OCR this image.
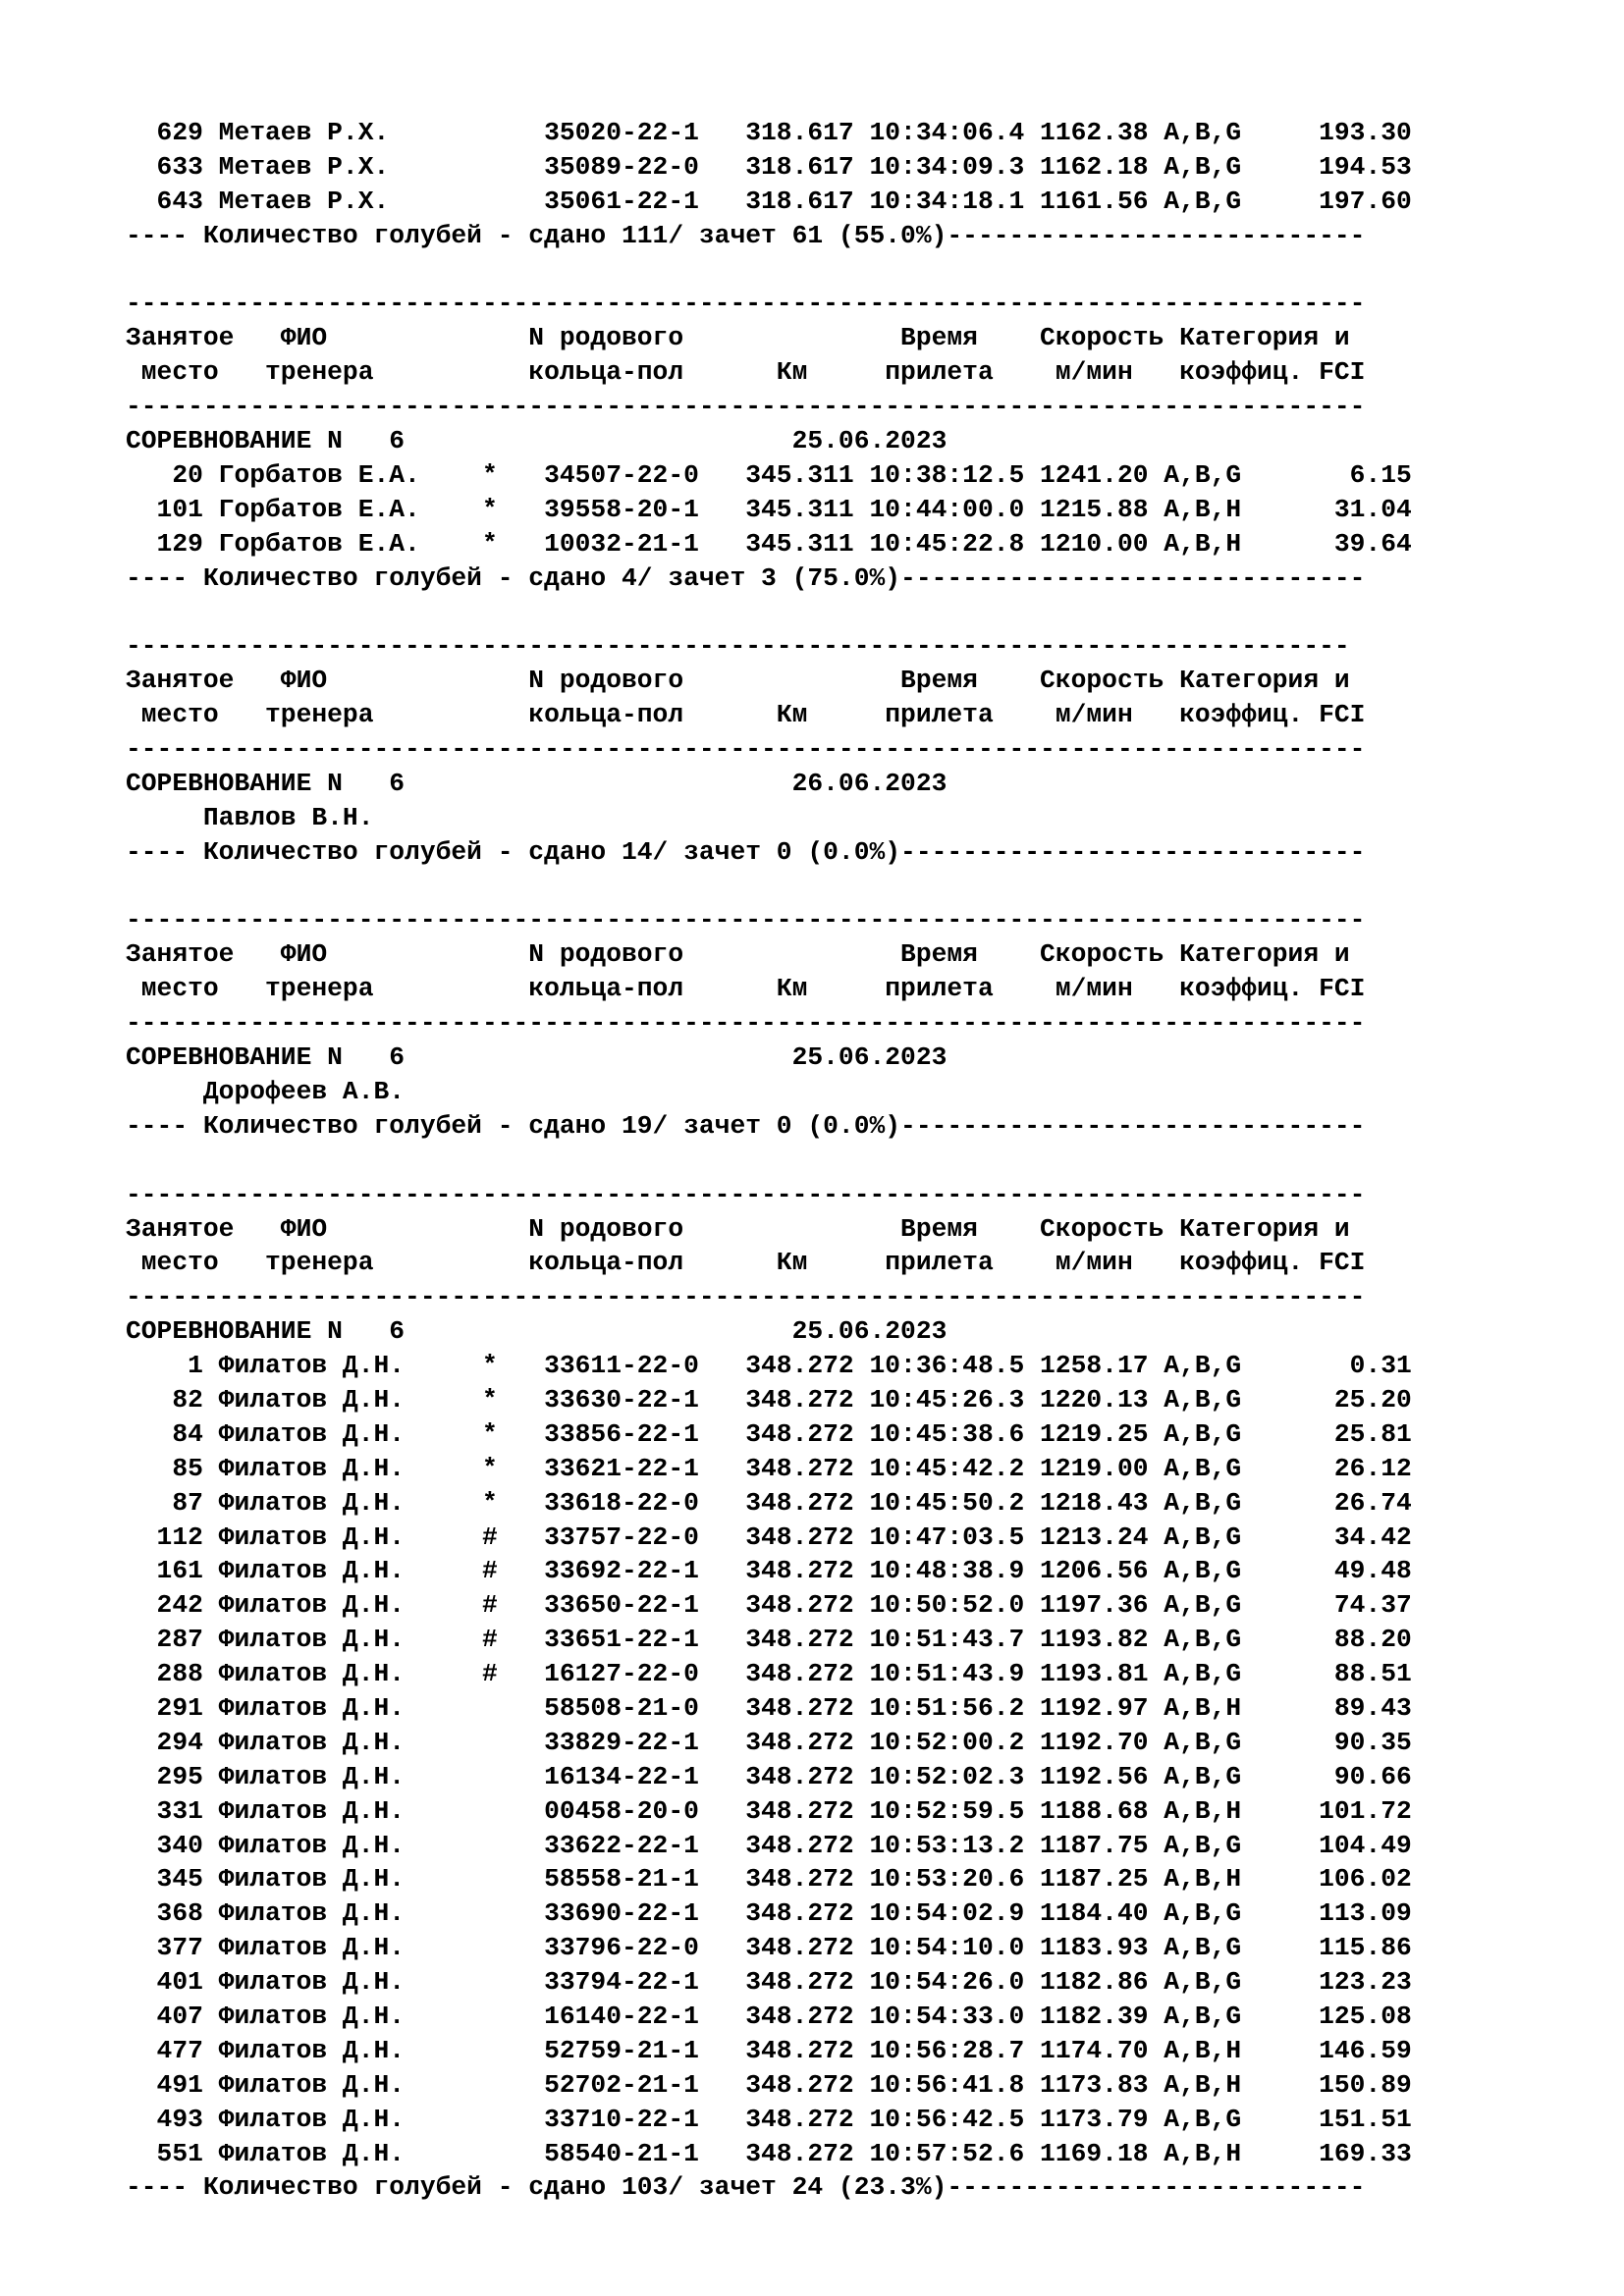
629 Метаев Р.Х.          35020-22-1   318.617 10:34:06.4 1162.38 A,B,G     193.30
633 Метаев Р.Х.          35089-22-0   318.617 10:34:09.3 1162.18 A,B,G     194.53
643 Метаев Р.Х.          35061-22-1   318.617 10:34:18.1 1161.56 A,B,G     197.60
---- Количество голубей - сдано 111/ зачет 61 (55.0%)---------------------------
--------------------------------------------------------------------------------
Занятое   ФИО             N родового              Время    Скорость Категория и
место   тренера          кольца-пол      Км     прилета    м/мин   коэффиц. FCI
--------------------------------------------------------------------------------
СОРЕВНОВАНИЕ N   6                         25.06.2023
20 Горбатов Е.А.    *   34507-22-0   345.311 10:38:12.5 1241.20 A,B,G       6.15
101 Горбатов Е.А.    *   39558-20-1   345.311 10:44:00.0 1215.88 A,B,H      31.04
129 Горбатов Е.А.    *   10032-21-1   345.311 10:45:22.8 1210.00 A,B,H      39.64
---- Количество голубей - сдано 4/ зачет 3 (75.0%)------------------------------
-------------------------------------------------------------------------------
Занятое   ФИО             N родового              Время    Скорость Категория и
место   тренера          кольца-пол      Км     прилета    м/мин   коэффиц. FCI
--------------------------------------------------------------------------------
СОРЕВНОВАНИЕ N   6                         26.06.2023
Павлов В.Н.
---- Количество голубей - сдано 14/ зачет 0 (0.0%)------------------------------
--------------------------------------------------------------------------------
Занятое   ФИО             N родового              Время    Скорость Категория и
место   тренера          кольца-пол      Км     прилета    м/мин   коэффиц. FCI
--------------------------------------------------------------------------------
СОРЕВНОВАНИЕ N   6                         25.06.2023
Дорофеев А.В.
---- Количество голубей - сдано 19/ зачет 0 (0.0%)------------------------------
--------------------------------------------------------------------------------
Занятое   ФИО             N родового              Время    Скорость Категория и
место   тренера          кольца-пол      Км     прилета    м/мин   коэффиц. FCI
--------------------------------------------------------------------------------
СОРЕВНОВАНИЕ N   6                         25.06.2023
1 Филатов Д.Н.     *   33611-22-0   348.272 10:36:48.5 1258.17 A,B,G       0.31
82 Филатов Д.Н.     *   33630-22-1   348.272 10:45:26.3 1220.13 A,B,G      25.20
84 Филатов Д.Н.     *   33856-22-1   348.272 10:45:38.6 1219.25 A,B,G      25.81
85 Филатов Д.Н.     *   33621-22-1   348.272 10:45:42.2 1219.00 A,B,G      26.12
87 Филатов Д.Н.     *   33618-22-0   348.272 10:45:50.2 1218.43 A,B,G      26.74
112 Филатов Д.Н.     #   33757-22-0   348.272 10:47:03.5 1213.24 A,B,G      34.42
161 Филатов Д.Н.     #   33692-22-1   348.272 10:48:38.9 1206.56 A,B,G      49.48
242 Филатов Д.Н.     #   33650-22-1   348.272 10:50:52.0 1197.36 A,B,G      74.37
287 Филатов Д.Н.     #   33651-22-1   348.272 10:51:43.7 1193.82 A,B,G      88.20
288 Филатов Д.Н.     #   16127-22-0   348.272 10:51:43.9 1193.81 A,B,G      88.51
291 Филатов Д.Н.         58508-21-0   348.272 10:51:56.2 1192.97 A,B,H      89.43
294 Филатов Д.Н.         33829-22-1   348.272 10:52:00.2 1192.70 A,B,G      90.35
295 Филатов Д.Н.         16134-22-1   348.272 10:52:02.3 1192.56 A,B,G      90.66
331 Филатов Д.Н.         00458-20-0   348.272 10:52:59.5 1188.68 A,B,H     101.72
340 Филатов Д.Н.         33622-22-1   348.272 10:53:13.2 1187.75 A,B,G     104.49
345 Филатов Д.Н.         58558-21-1   348.272 10:53:20.6 1187.25 A,B,H     106.02
368 Филатов Д.Н.         33690-22-1   348.272 10:54:02.9 1184.40 A,B,G     113.09
377 Филатов Д.Н.         33796-22-0   348.272 10:54:10.0 1183.93 A,B,G     115.86
401 Филатов Д.Н.         33794-22-1   348.272 10:54:26.0 1182.86 A,B,G     123.23
407 Филатов Д.Н.         16140-22-1   348.272 10:54:33.0 1182.39 A,B,G     125.08
477 Филатов Д.Н.         52759-21-1   348.272 10:56:28.7 1174.70 A,B,H     146.59
491 Филатов Д.Н.         52702-21-1   348.272 10:56:41.8 1173.83 A,B,H     150.89
493 Филатов Д.Н.         33710-22-1   348.272 10:56:42.5 1173.79 A,B,G     151.51
551 Филатов Д.Н.         58540-21-1   348.272 10:57:52.6 1169.18 A,B,H     169.33
---- Количество голубей - сдано 103/ зачет 24 (23.3%)---------------------------
